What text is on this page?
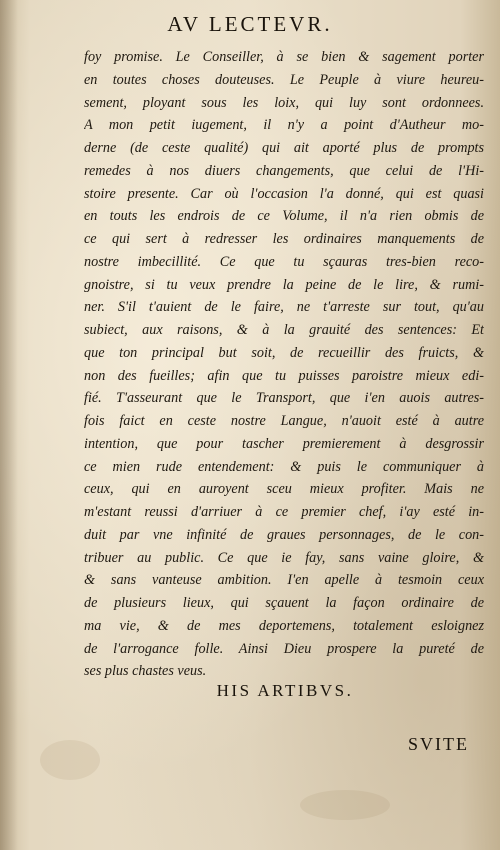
AV LECTEVR.
foy promise. Le Conseiller, à se bien & sagement porter
en toutes choses douteuses. Le Peuple à viure heureu-
sement, ployant sous les loix, qui luy sont ordonnees.
A mon petit iugement, il n'y a point d'Autheur mo-
derne (de ceste qualité) qui ait aporté plus de prompts
remedes à nos diuers changements, que celui de l'Hi-
stoire presente. Car où l'occasion l'a donné, qui est quasi
en touts les endrois de ce Volume, il n'a rien obmis de
ce qui sert à redresser les ordinaires manquements de
nostre imbecillité. Ce que tu sçauras tres-bien reco-
gnoistre, si tu veux prendre la peine de le lire, & rumi-
ner. S'il t'auient de le faire, ne t'arreste sur tout, qu'au
subiect, aux raisons, & à la grauité des sentences: Et
que ton principal but soit, de recueillir des fruicts, &
non des fueilles; afin que tu puisses paroistre mieux edi-
fié. T'asseurant que le Transport, que i'en auois autres-
fois faict en ceste nostre Langue, n'auoit esté à autre
intention, que pour tascher premierement à desgrossir
ce mien rude entendement: & puis le communiquer à
ceux, qui en auroyent sceu mieux profiter. Mais ne
m'estant reussi d'arriuer à ce premier chef, i'ay esté in-
duit par vne infinité de graues personnages, de le con-
tribuer au public. Ce que ie fay, sans vaine gloire, &
& sans vanteuse ambition. I'en apelle à tesmoin ceux
de plusieurs lieux, qui sçauent la façon ordinaire de
ma vie, & de mes deportemens, totalement esloignez
de l'arrogance folle. Ainsi Dieu prospere la pureté de
ses plus chastes veus.
HIS ARTIBVS.
SVITE
